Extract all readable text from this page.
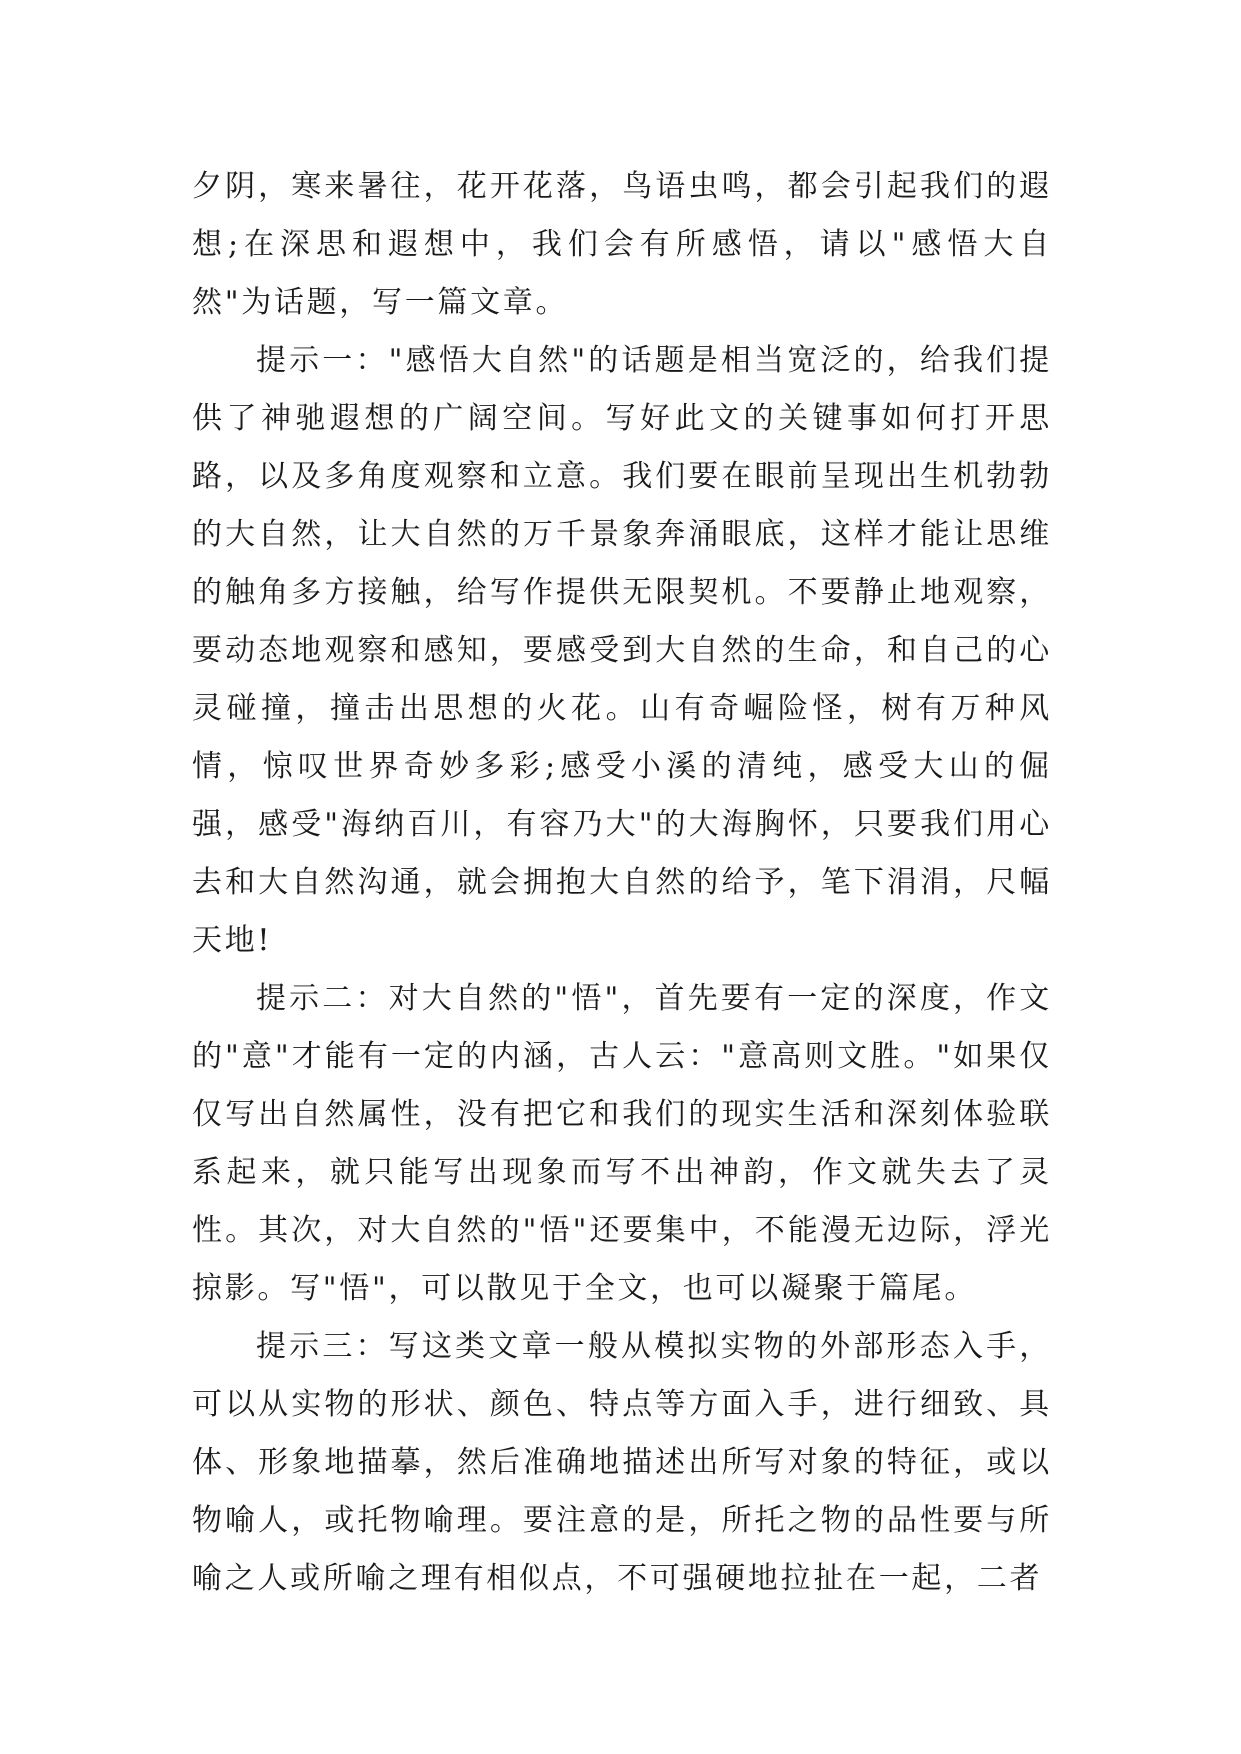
夕阴，寒来暑往，花开花落，鸟语虫鸣，都会引起我们的遐想;在深思和遐想中，我们会有所感悟，请以"感悟大自然"为话题，写一篇文章。

提示一："感悟大自然"的话题是相当宽泛的，给我们提供了神驰遐想的广阔空间。写好此文的关键事如何打开思路，以及多角度观察和立意。我们要在眼前呈现出生机勃勃的大自然，让大自然的万千景象奔涌眼底，这样才能让思维的触角多方接触，给写作提供无限契机。不要静止地观察，要动态地观察和感知，要感受到大自然的生命，和自己的心灵碰撞，撞击出思想的火花。山有奇崛险怪，树有万种风情，惊叹世界奇妙多彩;感受小溪的清纯，感受大山的倔强，感受"海纳百川，有容乃大"的大海胸怀，只要我们用心去和大自然沟通，就会拥抱大自然的给予，笔下涓涓，尺幅天地!

提示二：对大自然的"悟"，首先要有一定的深度，作文的"意"才能有一定的内涵，古人云："意高则文胜。"如果仅仅写出自然属性，没有把它和我们的现实生活和深刻体验联系起来，就只能写出现象而写不出神韵，作文就失去了灵性。其次，对大自然的"悟"还要集中，不能漫无边际，浮光掠影。写"悟"，可以散见于全文，也可以凝聚于篇尾。

提示三：写这类文章一般从模拟实物的外部形态入手，可以从实物的形状、颜色、特点等方面入手，进行细致、具体、形象地描摹，然后准确地描述出所写对象的特征，或以物喻人，或托物喻理。要注意的是，所托之物的品性要与所喻之人或所喻之理有相似点，不可强硬地拉扯在一起，二者
